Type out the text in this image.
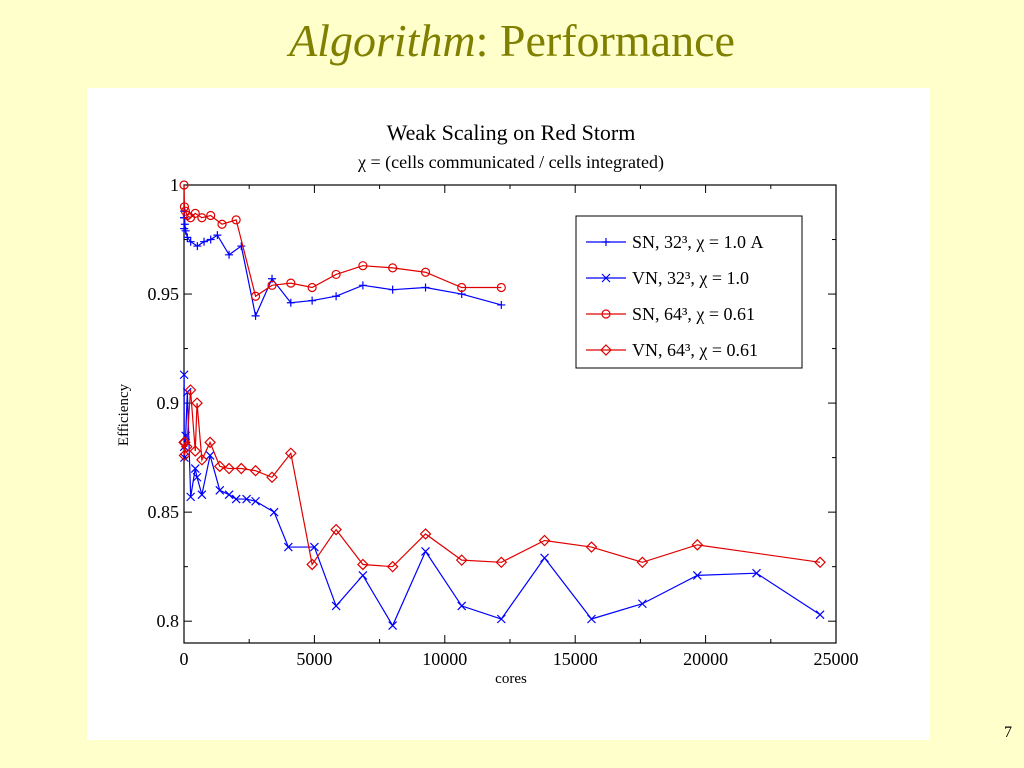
Algorithm: Performance
Weak Scaling on Red Storm
χ = (cells communicated / cells integrated)
0	5000	10000	15000	20000	25000
0.8
0.85
0.9
0.95
1
cores
Efficiency
SN, 32³, χ = 1.0 A
VN, 32³, χ = 1.0
SN, 64³, χ = 0.61
VN, 64³, χ = 0.61
7
